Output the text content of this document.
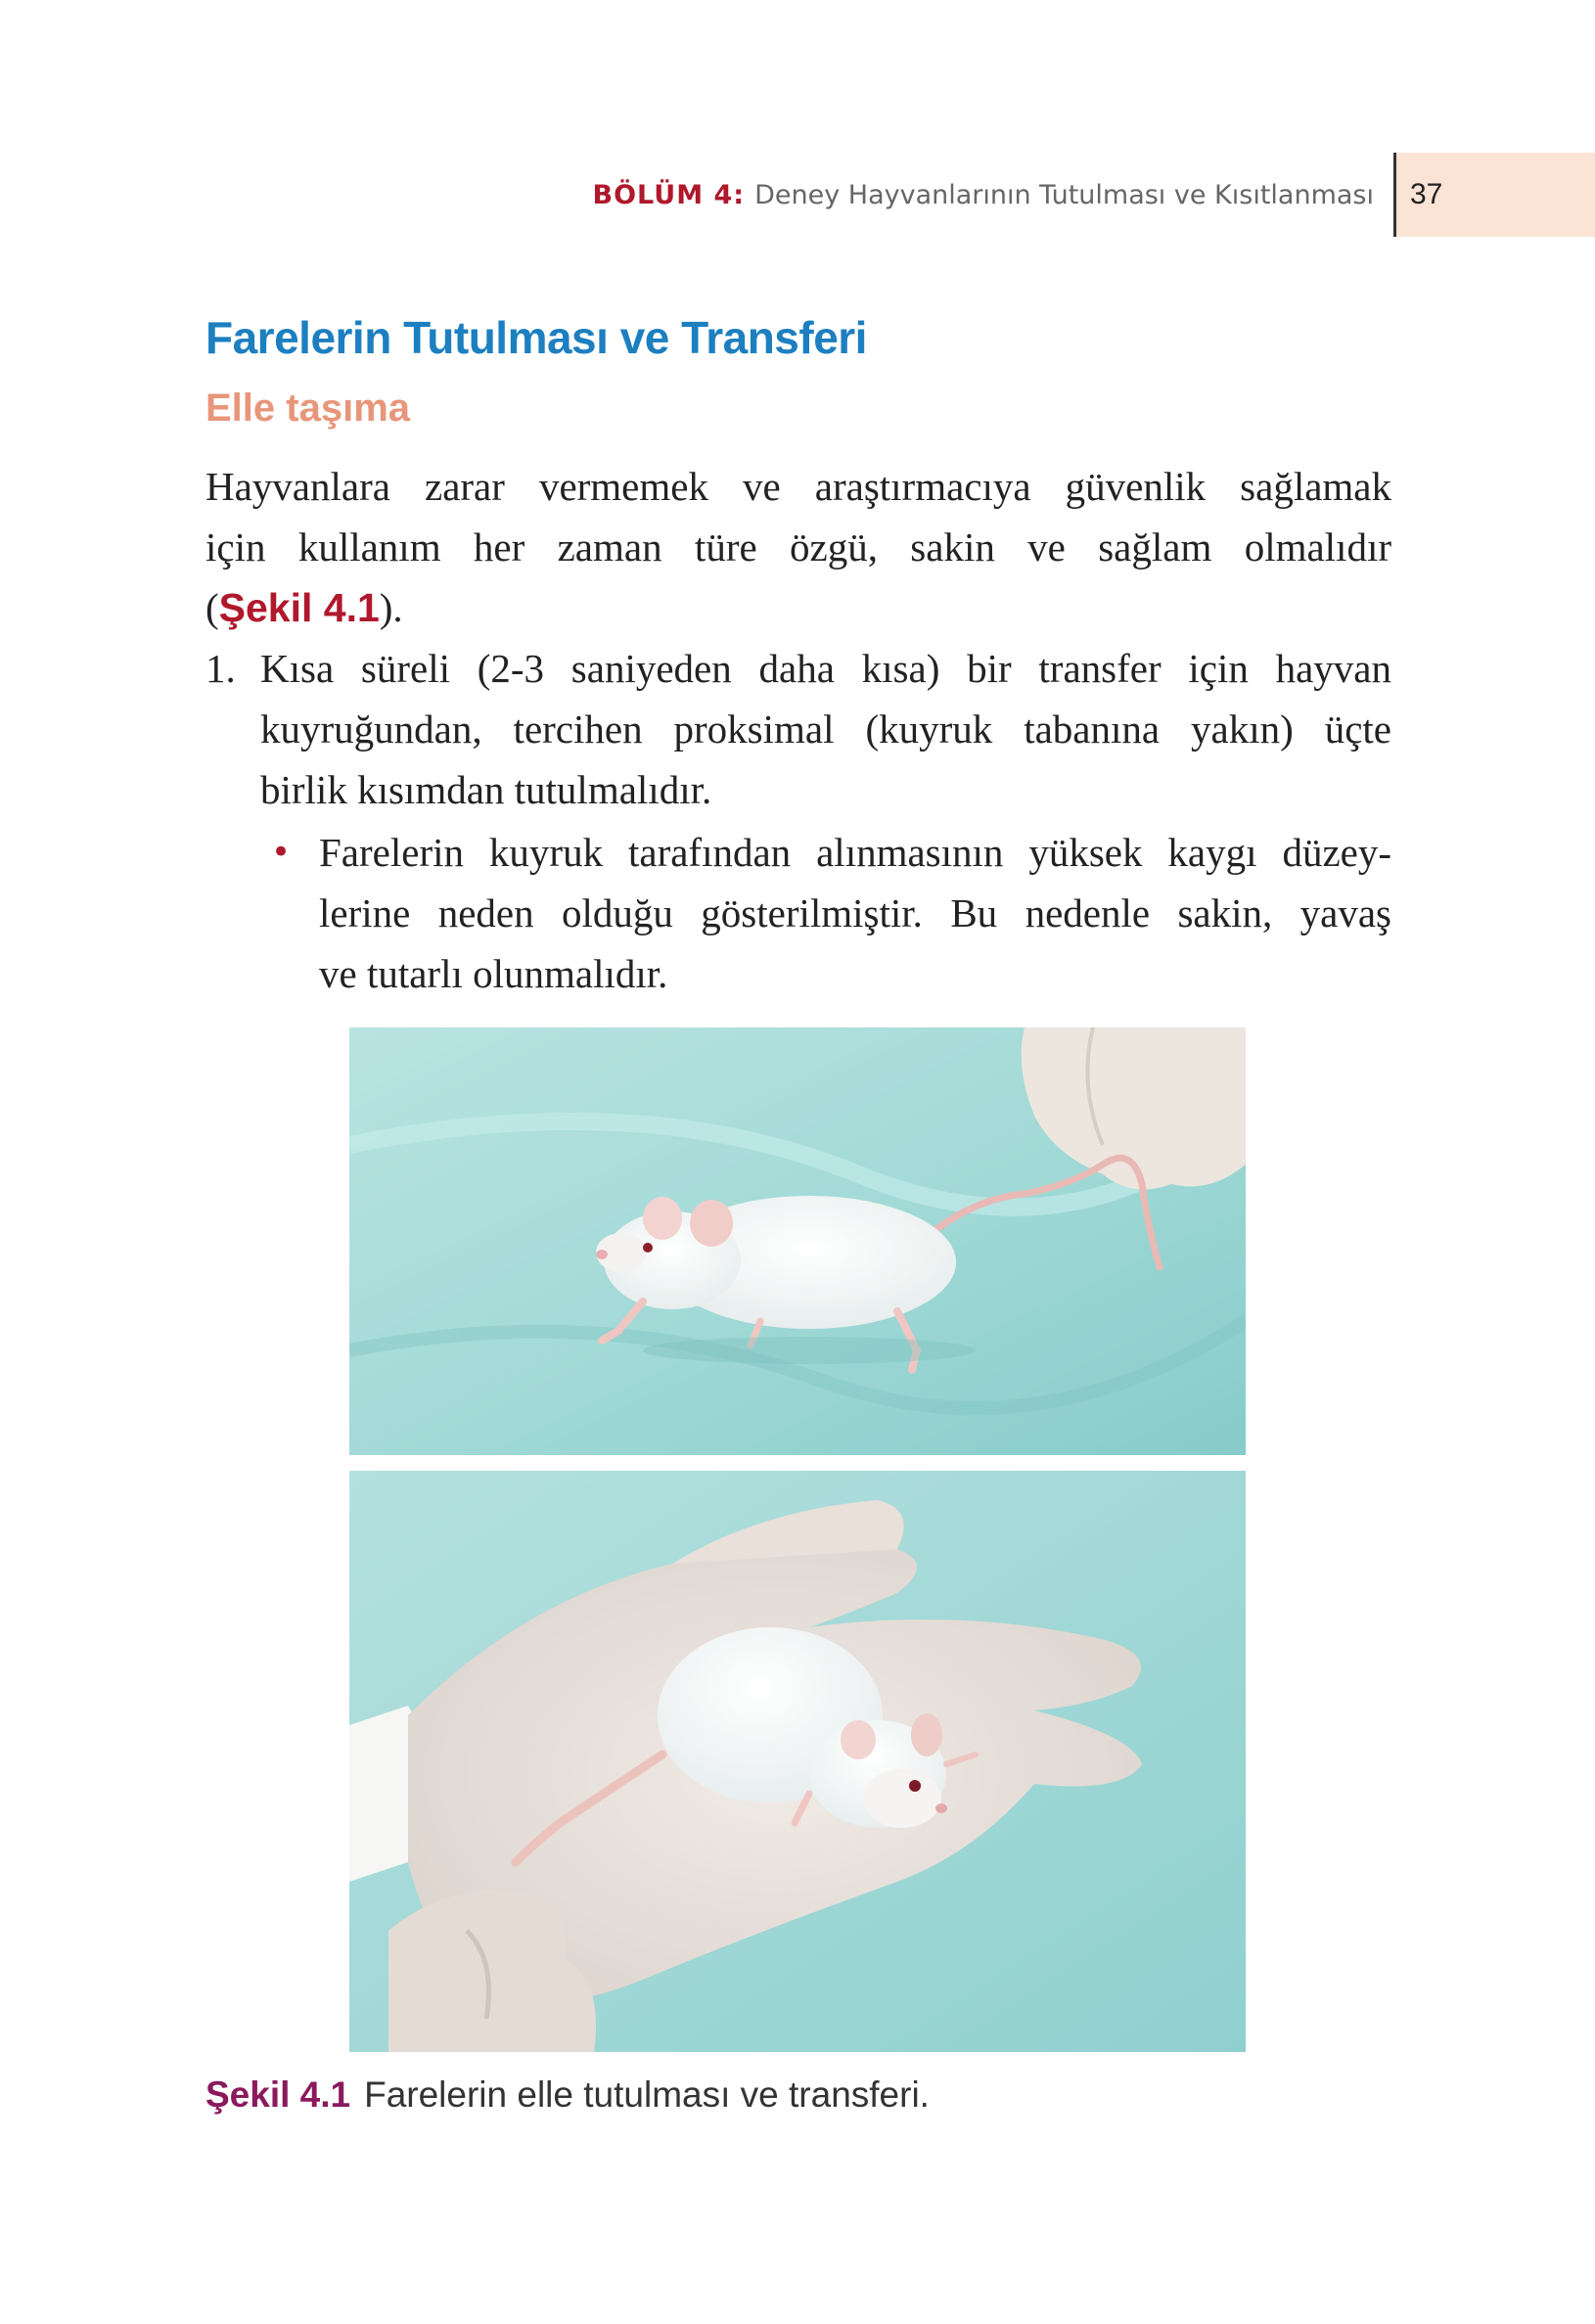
BÖLÜM 4: Deney Hayvanlarının Tutulması ve Kısıtlanması 37
Farelerin Tutulması ve Transferi
Elle taşıma
Hayvanlara zarar vermemek ve araştırmacıya güvenlik sağlamak
için kullanım her zaman türe özgü, sakin ve sağlam olmalıdır
(Şekil 4.1).
1. Kısa süreli (2-3 saniyeden daha kısa) bir transfer için hayvan
kuyruğundan, tercihen proksimal (kuyruk tabanına yakın) üçte
birlik kısımdan tutulmalıdır.
• Farelerin kuyruk tarafından alınmasının yüksek kaygı düzey-
lerine neden olduğu gösterilmiştir. Bu nedenle sakin, yavaş
ve tutarlı olunmalıdır.

Şekil 4.1 Farelerin elle tutulması ve transferi.
